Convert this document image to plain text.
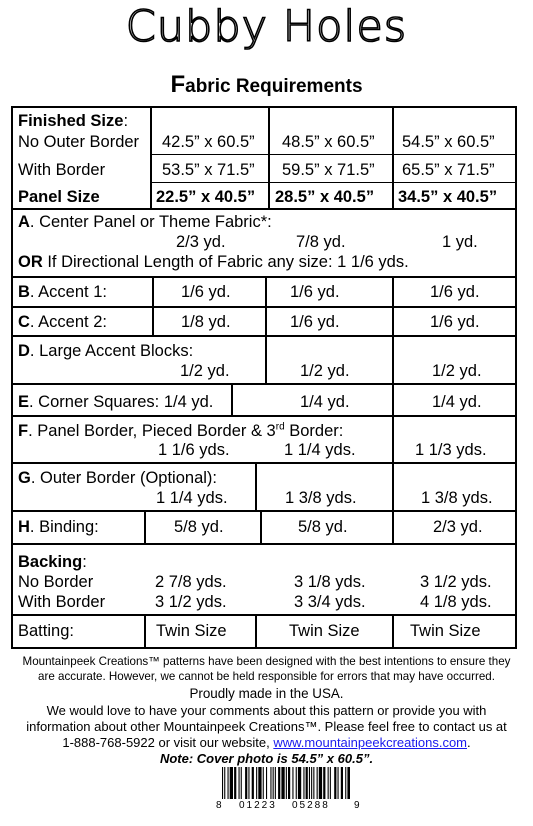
Cubby Holes
Fabric Requirements
Finished Size:
No Outer Border 42.5” x 60.5” 48.5” x 60.5” 54.5” x 60.5”
With Border	53.5” x 71.5” 59.5” x 71.5” 65.5” x 71.5”
Panel Size	22.5” x 40.5” 28.5” x 40.5” 34.5” x 40.5”
A. Center Panel or Theme Fabric*:
2/3 yd.	7/8 yd.	1 yd.
OR If Directional Length of Fabric any size: 1 1/6 yds.
B. Accent 1:	1/6 yd.	1/6 yd.	1/6 yd.
C. Accent 2:	1/8 yd.	1/6 yd.	1/6 yd.
D. Large Accent Blocks:
1/2 yd.	1/2 yd.	1/2 yd.
E. Corner Squares: 1/4 yd.	1/4 yd.	1/4 yd.
F. Panel Border, Pieced Border & 3rd Border:
1 1/6 yds.	1 1/4 yds.	1 1/3 yds.
G. Outer Border (Optional):
1 1/4 yds.	1 3/8 yds.	1 3/8 yds.
H. Binding:	5/8 yd.	5/8 yd.	2/3 yd.
Backing:
No Border	2 7/8 yds.	3 1/8 yds.	3 1/2 yds.
With Border	3 1/2 yds.	3 3/4 yds.	4 1/8 yds.
Batting:	Twin Size	Twin Size	Twin Size
Mountainpeek Creations™ patterns have been designed with the best intentions to ensure they
are accurate. However, we cannot be held responsible for errors that may have occurred.
Proudly made in the USA.
We would love to have your comments about this pattern or provide you with
information about other Mountainpeek Creations™. Please feel free to contact us at
1-888-768-5922 or visit our website, www.mountainpeekcreations.com.
Note: Cover photo is 54.5” x 60.5”.
8 01223 05288 9
